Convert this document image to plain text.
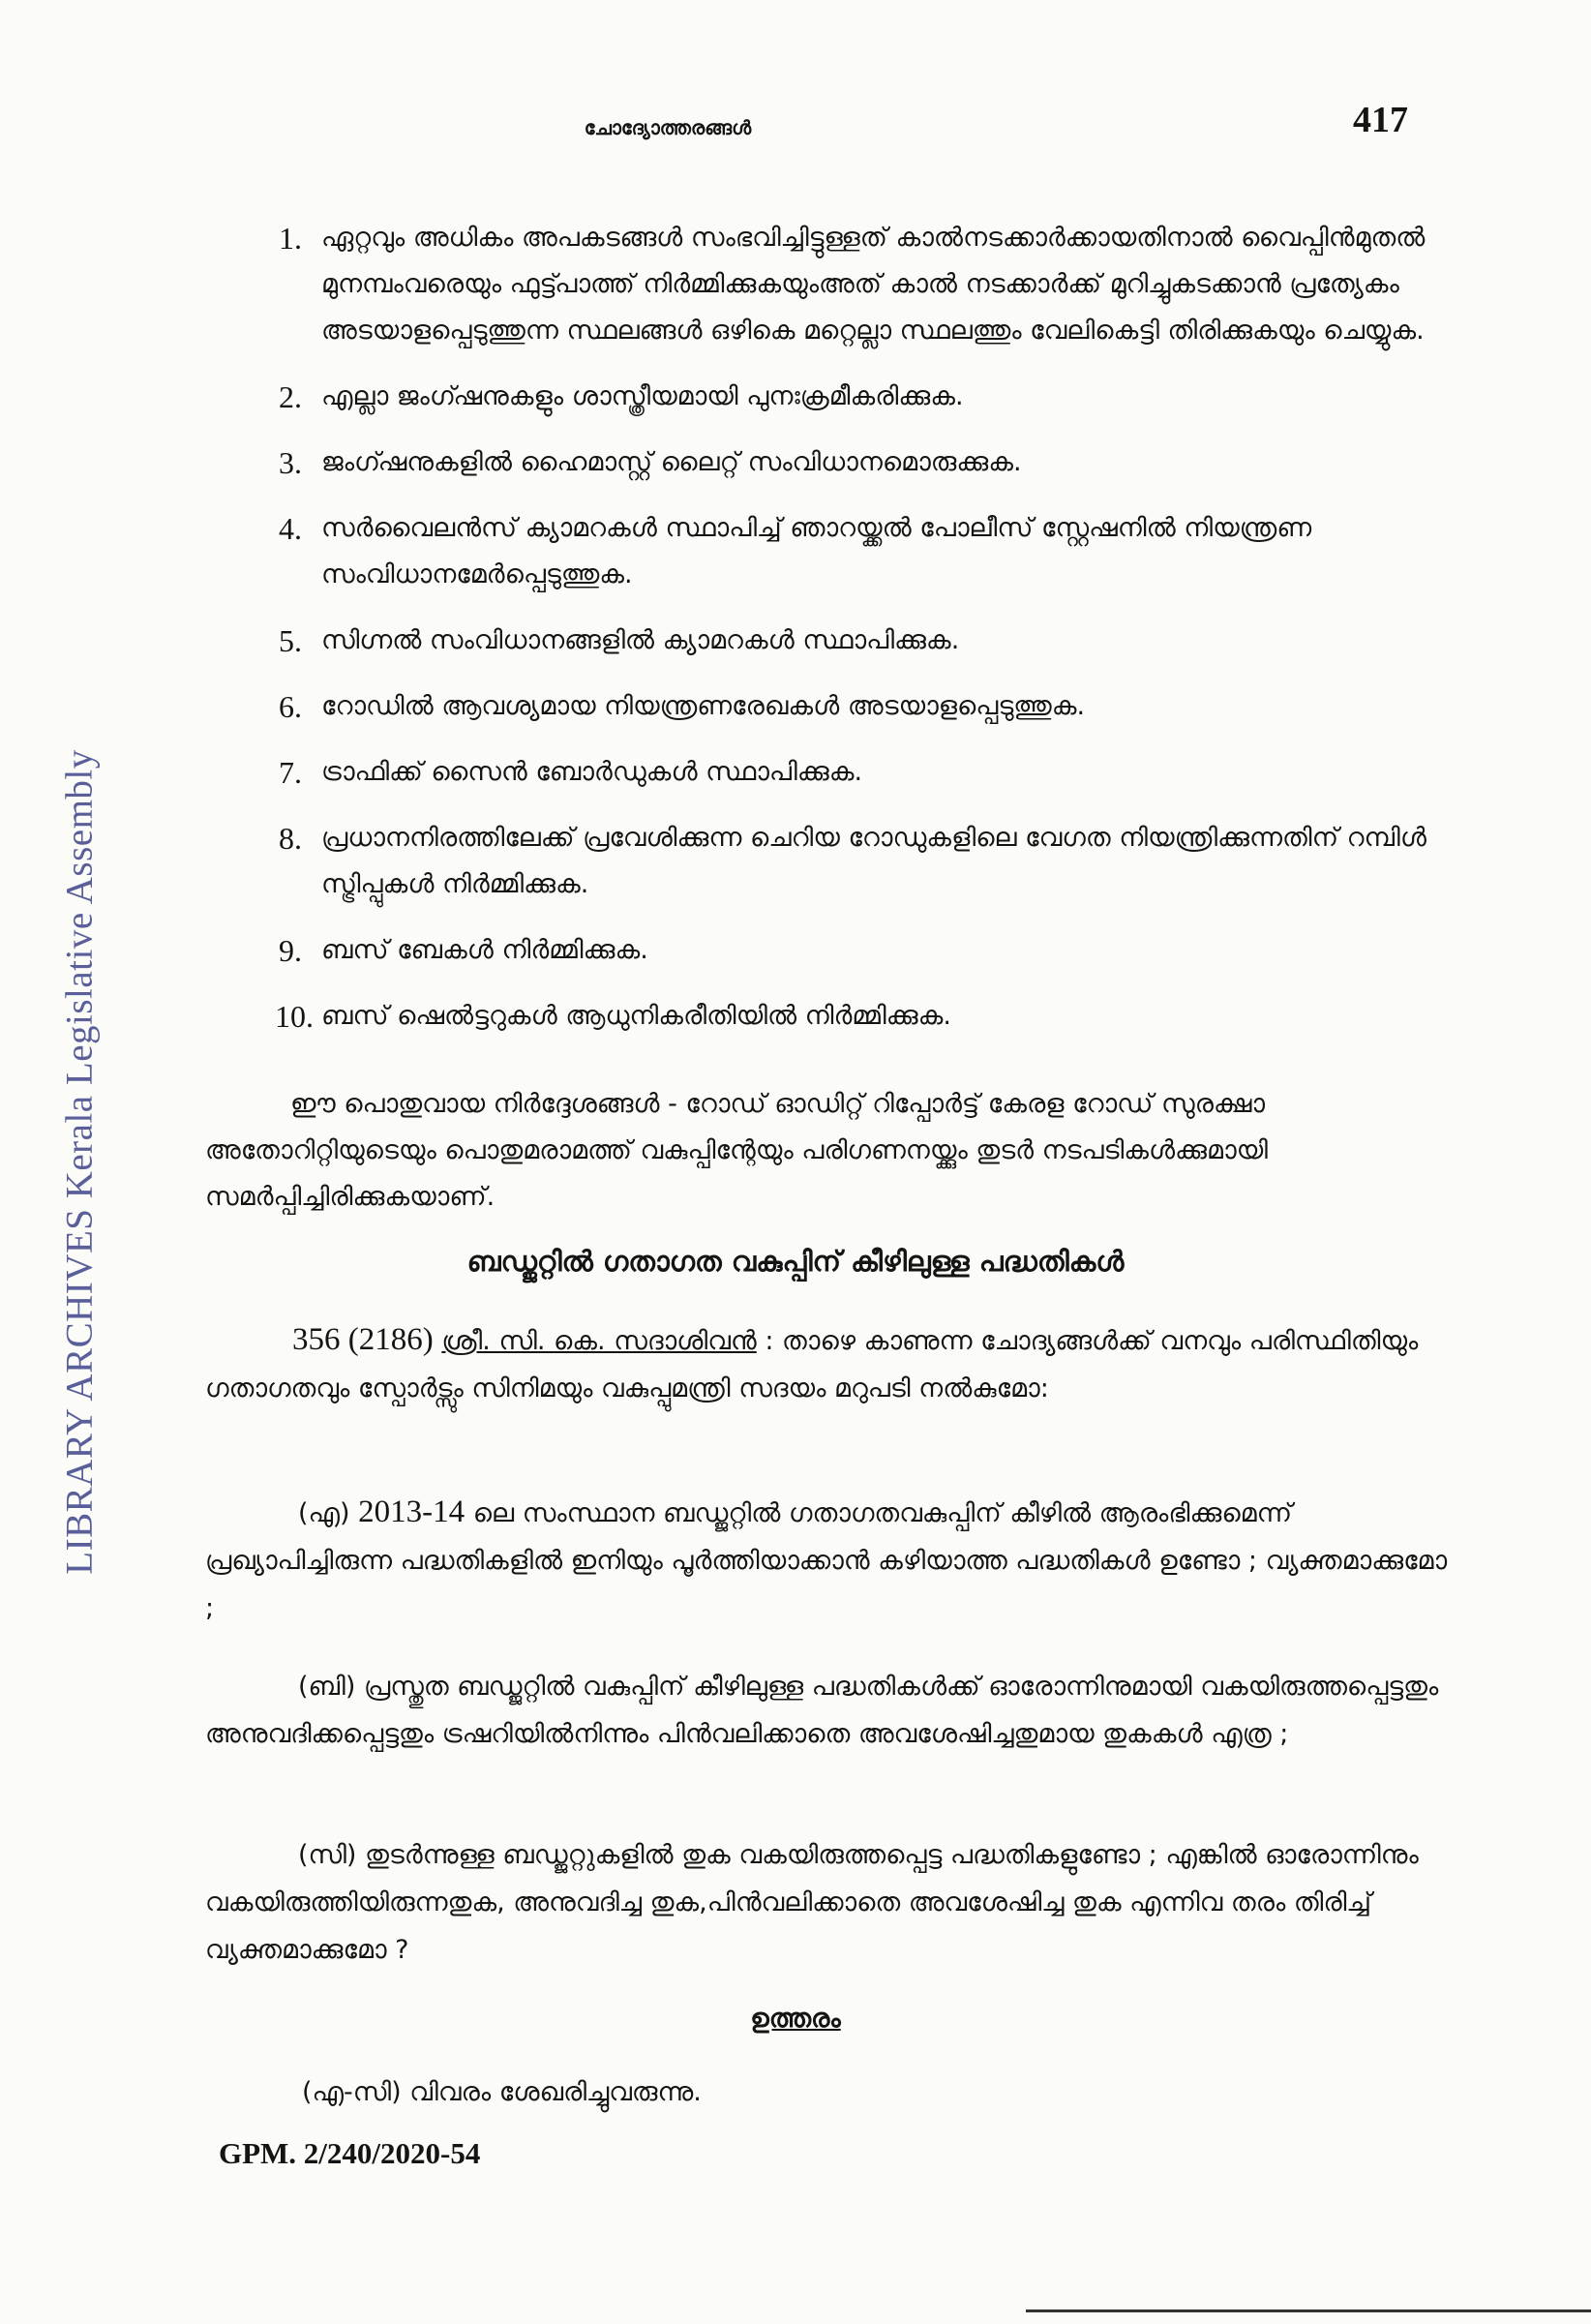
LIBRARY ARCHIVES Kerala Legislative Assembly
ചോദ്യോത്തരങ്ങൾ	417
1. ഏറ്റവും അധികം അപകടങ്ങൾ സംഭവിച്ചിട്ടുള്ളത് കാൽനടക്കാർക്കായതിനാൽ വൈപ്പിൻമുതൽ മുനമ്പംവരെയും ഫുട്ട്പാത്ത് നിർമ്മിക്കുകയുംഅത് കാൽ നടക്കാർക്ക് മുറിച്ചുകടക്കാൻ പ്രത്യേകം അടയാളപ്പെടുത്തുന്ന സ്ഥലങ്ങൾ ഒഴികെ മറ്റെല്ലാ സ്ഥലത്തും വേലികെട്ടി തിരിക്കുകയും ചെയ്യുക.
2. എല്ലാ ജംഗ്ഷനുകളും ശാസ്ത്രീയമായി പുനഃക്രമീകരിക്കുക.
3. ജംഗ്ഷനുകളിൽ ഹൈമാസ്റ്റ് ലൈറ്റ് സംവിധാനമൊരുക്കുക.
4. സർവൈലൻസ് ക്യാമറകൾ സ്ഥാപിച്ച് ഞാറയ്ക്കൽ പോലീസ് സ്റ്റേഷനിൽ നിയന്ത്രണ സംവിധാനമേർപ്പെടുത്തുക.
5. സിഗ്നൽ സംവിധാനങ്ങളിൽ ക്യാമറകൾ സ്ഥാപിക്കുക.
6. റോഡിൽ ആവശ്യമായ നിയന്ത്രണരേഖകൾ അടയാളപ്പെടുത്തുക.
7. ട്രാഫിക്ക് സൈൻ ബോർഡുകൾ സ്ഥാപിക്കുക.
8. പ്രധാനനിരത്തിലേക്ക് പ്രവേശിക്കുന്ന ചെറിയ റോഡുകളിലെ വേഗത നിയന്ത്രിക്കുന്നതിന് റമ്പിൾ സ്ട്രിപ്പുകൾ നിർമ്മിക്കുക.
9. ബസ് ബേകൾ നിർമ്മിക്കുക.
10. ബസ് ഷെൽട്ടറുകൾ ആധുനികരീതിയിൽ നിർമ്മിക്കുക.
ഈ പൊതുവായ നിർദ്ദേശങ്ങൾ - റോഡ് ഓഡിറ്റ് റിപ്പോർട്ട് കേരള റോഡ് സുരക്ഷാ അതോറിറ്റിയുടെയും പൊതുമരാമത്ത് വകുപ്പിന്റേയും പരിഗണനയ്ക്കും തുടർ നടപടികൾക്കുമായി സമർപ്പിച്ചിരിക്കുകയാണ്.
ബഡ്ജറ്റിൽ ഗതാഗത വകുപ്പിന് കീഴിലുള്ള പദ്ധതികൾ
356 (2186) ശ്രീ. സി. കെ. സദാശിവൻ : താഴെ കാണുന്ന ചോദ്യങ്ങൾക്ക് വനവും പരിസ്ഥിതിയും ഗതാഗതവും സ്പോർട്സും സിനിമയും വകുപ്പുമന്ത്രി സദയം മറുപടി നൽകുമോ:
(എ) 2013-14 ലെ സംസ്ഥാന ബഡ്ജറ്റിൽ ഗതാഗതവകുപ്പിന് കീഴിൽ ആരംഭിക്കുമെന്ന് പ്രഖ്യാപിച്ചിരുന്ന പദ്ധതികളിൽ ഇനിയും പൂർത്തിയാക്കാൻ കഴിയാത്ത പദ്ധതികൾ ഉണ്ടോ ; വ്യക്തമാക്കുമോ ;
(ബി) പ്രസ്തുത ബഡ്ജറ്റിൽ വകുപ്പിന് കീഴിലുള്ള പദ്ധതികൾക്ക് ഓരോന്നിനുമായി വകയിരുത്തപ്പെട്ടതും അനുവദിക്കപ്പെട്ടതും ട്രഷറിയിൽനിന്നും പിൻവലിക്കാതെ അവശേഷിച്ചതുമായ തുകകൾ എത്ര ;
(സി) തുടർന്നുള്ള ബഡ്ജറ്റുകളിൽ തുക വകയിരുത്തപ്പെട്ട പദ്ധതികളുണ്ടോ ; എങ്കിൽ ഓരോന്നിനും വകയിരുത്തിയിരുന്നതുക, അനുവദിച്ച തുക,പിൻവലിക്കാതെ അവശേഷിച്ച തുക എന്നിവ തരം തിരിച്ച് വ്യക്തമാക്കുമോ ?
ഉത്തരം
(എ-സി) വിവരം ശേഖരിച്ചുവരുന്നു.
GPM. 2/240/2020-54
